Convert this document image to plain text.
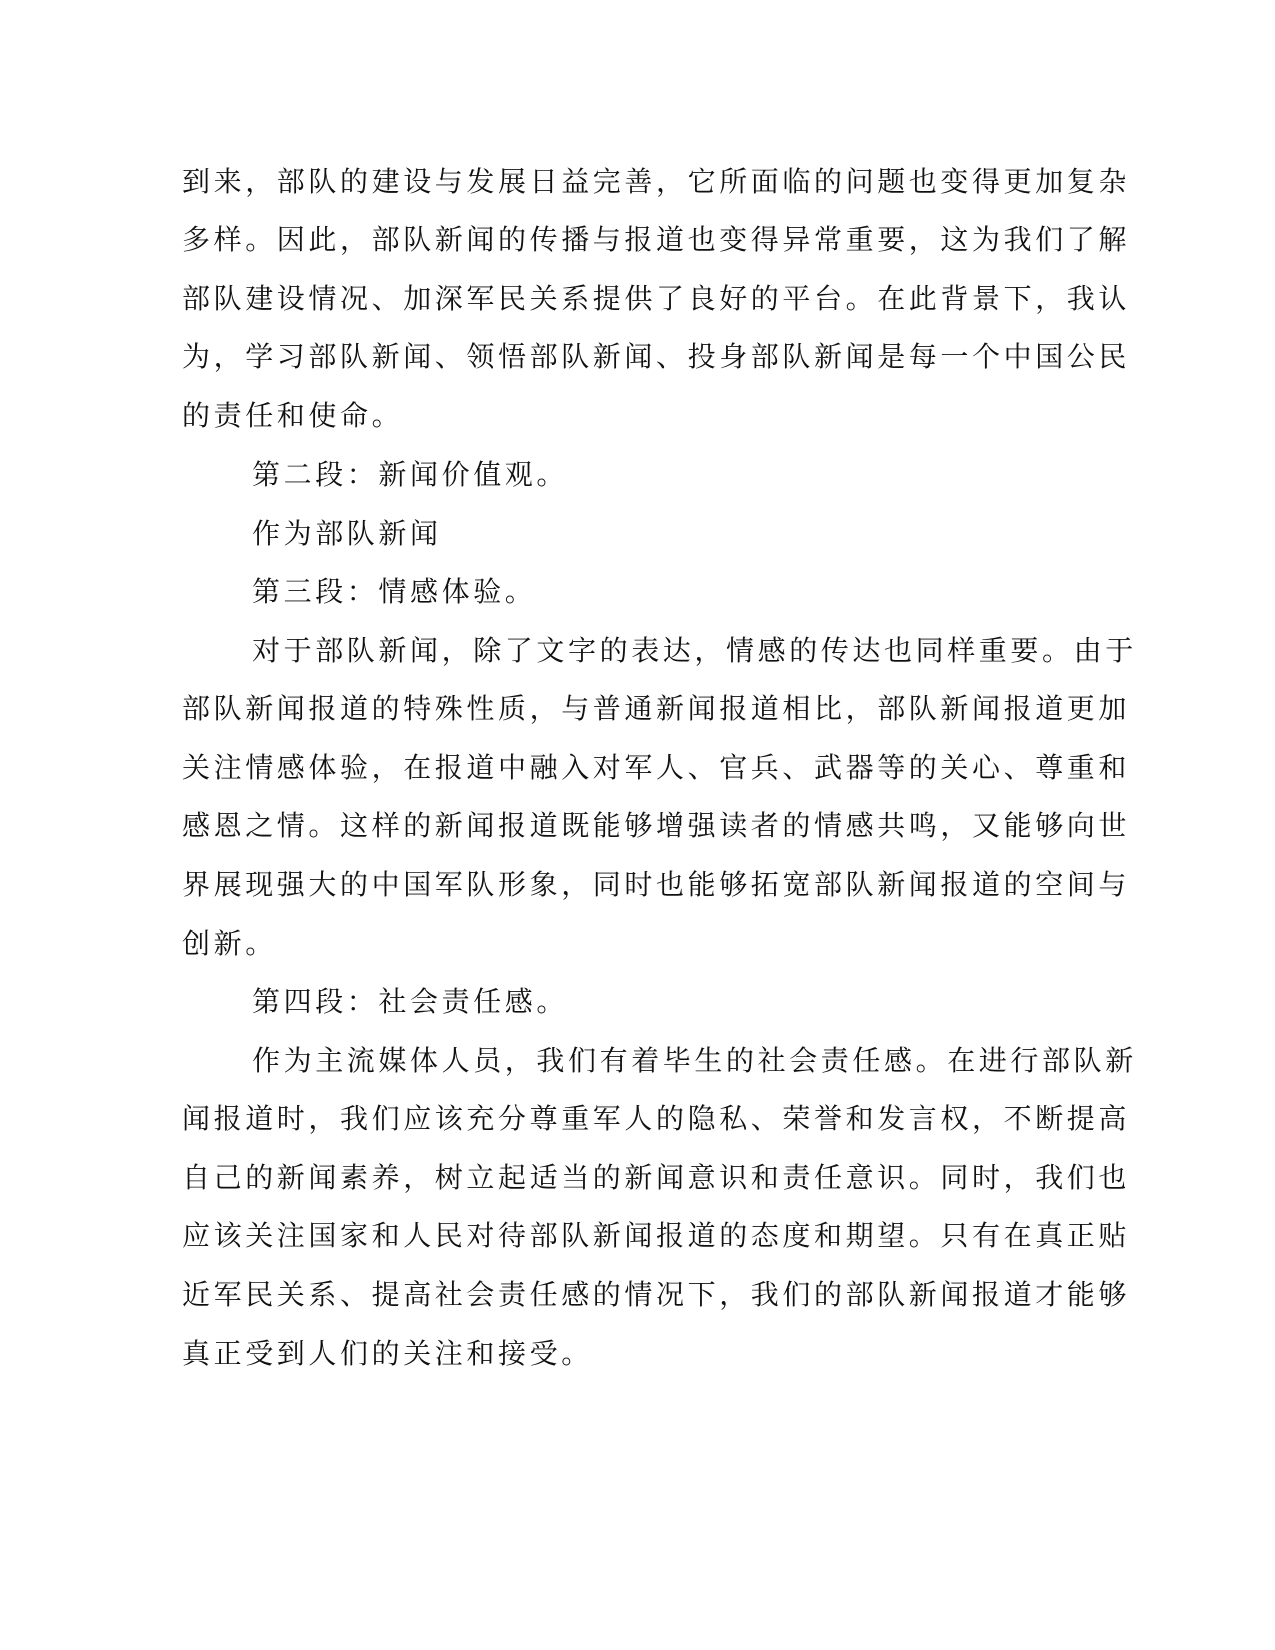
到来，部队的建设与发展日益完善，它所面临的问题也变得更加复杂

多样。因此，部队新闻的传播与报道也变得异常重要，这为我们了解

部队建设情况、加深军民关系提供了良好的平台。在此背景下，我认

为，学习部队新闻、领悟部队新闻、投身部队新闻是每一个中国公民

的责任和使命。

第二段：新闻价值观。

作为部队新闻

第三段：情感体验。

对于部队新闻，除了文字的表达，情感的传达也同样重要。由于

部队新闻报道的特殊性质，与普通新闻报道相比，部队新闻报道更加

关注情感体验，在报道中融入对军人、官兵、武器等的关心、尊重和

感恩之情。这样的新闻报道既能够增强读者的情感共鸣，又能够向世

界展现强大的中国军队形象，同时也能够拓宽部队新闻报道的空间与

创新。

第四段：社会责任感。

作为主流媒体人员，我们有着毕生的社会责任感。在进行部队新

闻报道时，我们应该充分尊重军人的隐私、荣誉和发言权，不断提高

自己的新闻素养，树立起适当的新闻意识和责任意识。同时，我们也

应该关注国家和人民对待部队新闻报道的态度和期望。只有在真正贴

近军民关系、提高社会责任感的情况下，我们的部队新闻报道才能够

真正受到人们的关注和接受。
